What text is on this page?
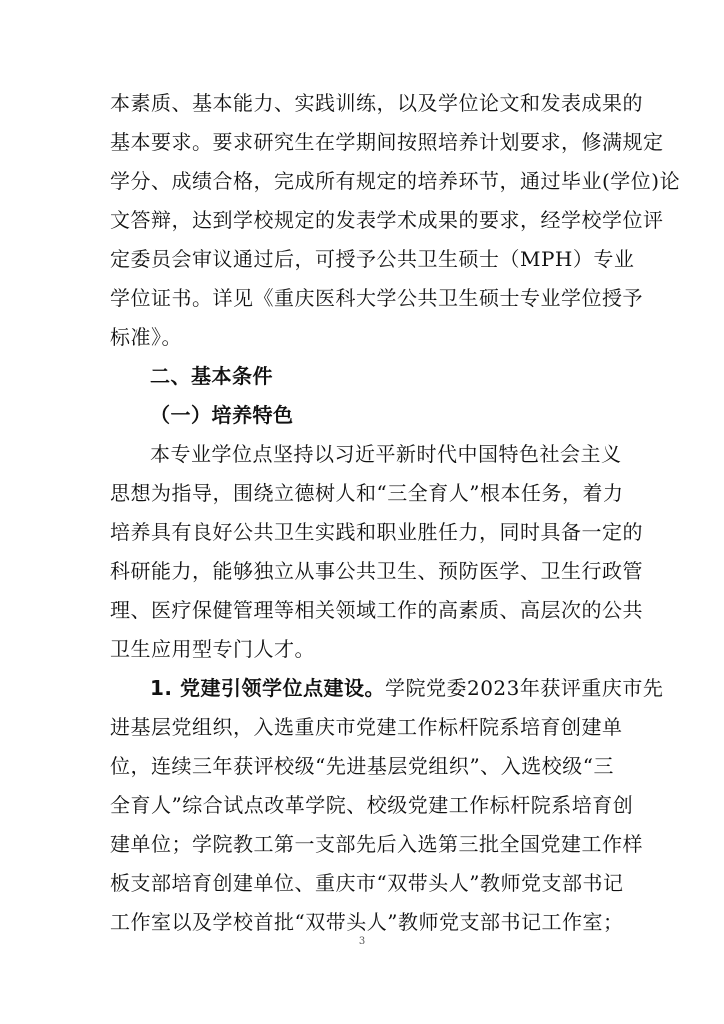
本素质、基本能力、实践训练，以及学位论文和发表成果的
基本要求。要求研究生在学期间按照培养计划要求，修满规定
学分、成绩合格，完成所有规定的培养环节，通过毕业(学位)论
文答辩，达到学校规定的发表学术成果的要求，经学校学位评
定委员会审议通过后，可授予公共卫生硕士（MPH）专业
学位证书。详见《重庆医科大学公共卫生硕士专业学位授予
标准》。
二、基本条件
（一）培养特色
本专业学位点坚持以习近平新时代中国特色社会主义
思想为指导，围绕立德树人和“三全育人”根本任务，着力
培养具有良好公共卫生实践和职业胜任力，同时具备一定的
科研能力，能够独立从事公共卫生、预防医学、卫生行政管
理、医疗保健管理等相关领域工作的高素质、高层次的公共
卫生应用型专门人才。
1. 党建引领学位点建设。学院党委2023年获评重庆市先
进基层党组织，入选重庆市党建工作标杆院系培育创建单
位，连续三年获评校级“先进基层党组织”、入选校级“三
全育人”综合试点改革学院、校级党建工作标杆院系培育创
建单位；学院教工第一支部先后入选第三批全国党建工作样
板支部培育创建单位、重庆市“双带头人”教师党支部书记
工作室以及学校首批“双带头人”教师党支部书记工作室；
3
